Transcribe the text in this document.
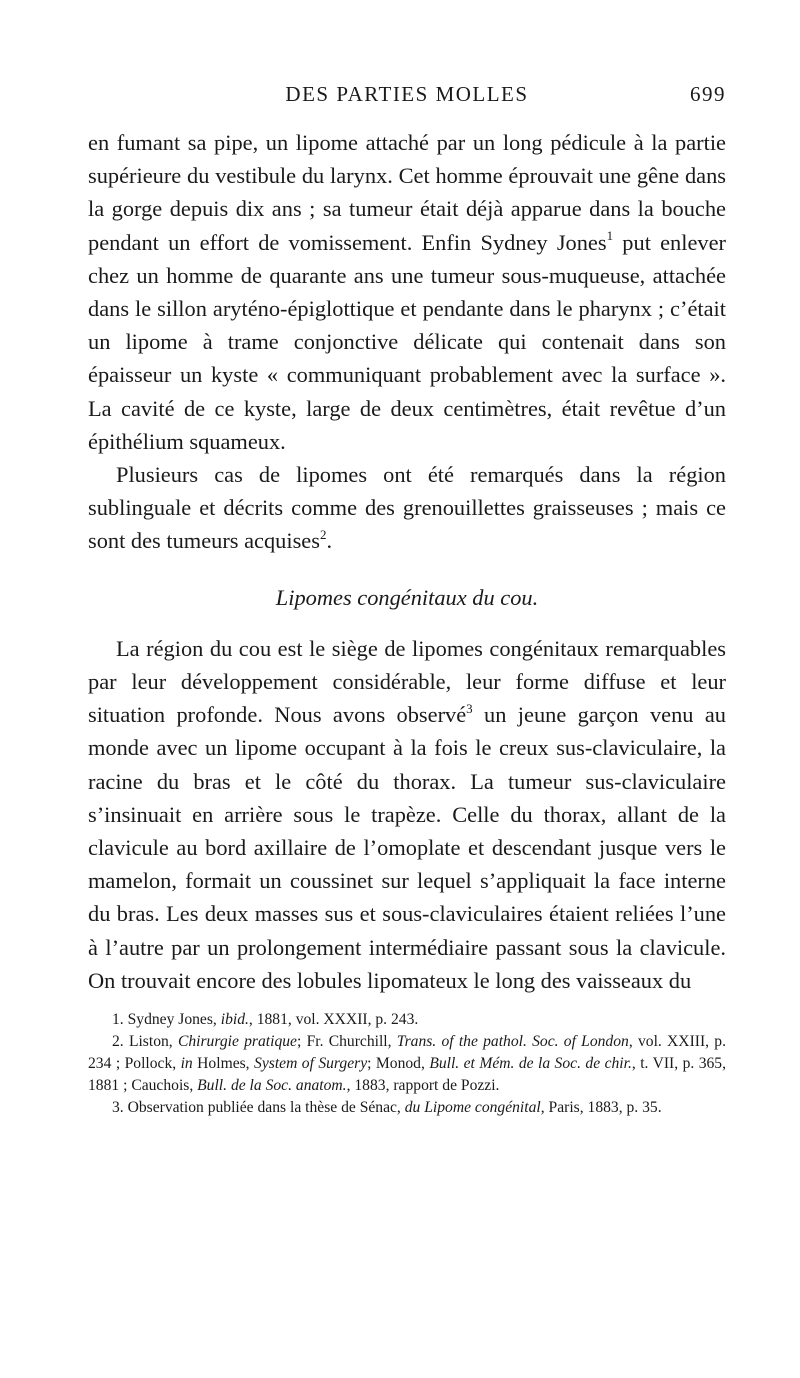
DES PARTIES MOLLES	699

en fumant sa pipe, un lipome attaché par un long pédicule à la partie supérieure du vestibule du larynx. Cet homme éprouvait une gêne dans la gorge depuis dix ans ; sa tumeur était déjà apparue dans la bouche pendant un effort de vomissement. Enfin Sydney Jones$^1$ put enlever chez un homme de quarante ans une tumeur sous-muqueuse, attachée dans le sillon aryténo-épiglottique et pendante dans le pharynx ; c’était un lipome à trame conjonctive délicate qui contenait dans son épaisseur un kyste « communiquant probablement avec la surface ». La cavité de ce kyste, large de deux centimètres, était revêtue d’un épithélium squameux.

Plusieurs cas de lipomes ont été remarqués dans la région sublinguale et décrits comme des grenouillettes graisseuses ; mais ce sont des tumeurs acquises$^2$.

Lipomes congénitaux du cou.

La région du cou est le siège de lipomes congénitaux remarquables par leur développement considérable, leur forme diffuse et leur situation profonde. Nous avons observé$^3$ un jeune garçon venu au monde avec un lipome occupant à la fois le creux sus-claviculaire, la racine du bras et le côté du thorax. La tumeur sus-claviculaire s’insinuait en arrière sous le trapèze. Celle du thorax, allant de la clavicule au bord axillaire de l’omoplate et descendant jusque vers le mamelon, formait un coussinet sur lequel s’appliquait la face interne du bras. Les deux masses sus et sous-claviculaires étaient reliées l’une à l’autre par un prolongement intermédiaire passant sous la clavicule. On trouvait encore des lobules lipomateux le long des vaisseaux du

1. Sydney Jones, ibid., 1881, vol. XXXII, p. 243.

2. Liston, Chirurgie pratique; Fr. Churchill, Trans. of the pathol. Soc. of London, vol. XXIII, p. 234 ; Pollock, in Holmes, System of Surgery; Monod, Bull. et Mém. de la Soc. de chir., t. VII, p. 365, 1881 ; Cauchois, Bull. de la Soc. anatom., 1883, rapport de Pozzi.

3. Observation publiée dans la thèse de Sénac, du Lipome congénital, Paris, 1883, p. 35.
